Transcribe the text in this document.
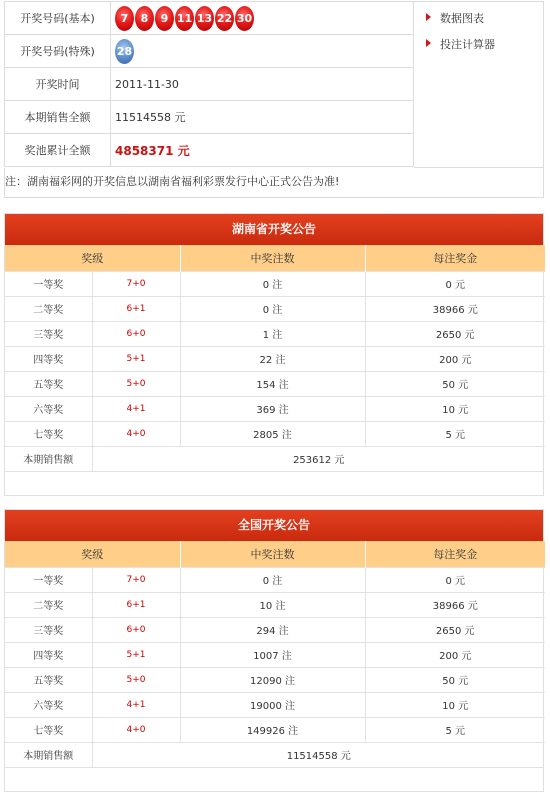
开奖号码(基本)	7 8 9 11 13 22 30
开奖号码(特殊)	28
开奖时间	2011-11-30
本期销售全额	11514558 元
奖池累计全额	4858371 元
数据图表
投注计算器
注：湖南福彩网的开奖信息以湖南省福利彩票发行中心正式公告为准!
湖南省开奖公告
奖级		中奖注数	每注奖金
一等奖	7+0	0 注	0 元
二等奖	6+1	0 注	38966 元
三等奖	6+0	1 注	2650 元
四等奖	5+1	22 注	200 元
五等奖	5+0	154 注	50 元
六等奖	4+1	369 注	10 元
七等奖	4+0	2805 注	5 元
本期销售额	253612 元		
全国开奖公告
奖级		中奖注数	每注奖金
一等奖	7+0	0 注	0 元
二等奖	6+1	10 注	38966 元
三等奖	6+0	294 注	2650 元
四等奖	5+1	1007 注	200 元
五等奖	5+0	12090 注	50 元
六等奖	4+1	19000 注	10 元
七等奖	4+0	149926 注	5 元
本期销售额	11514558 元		
